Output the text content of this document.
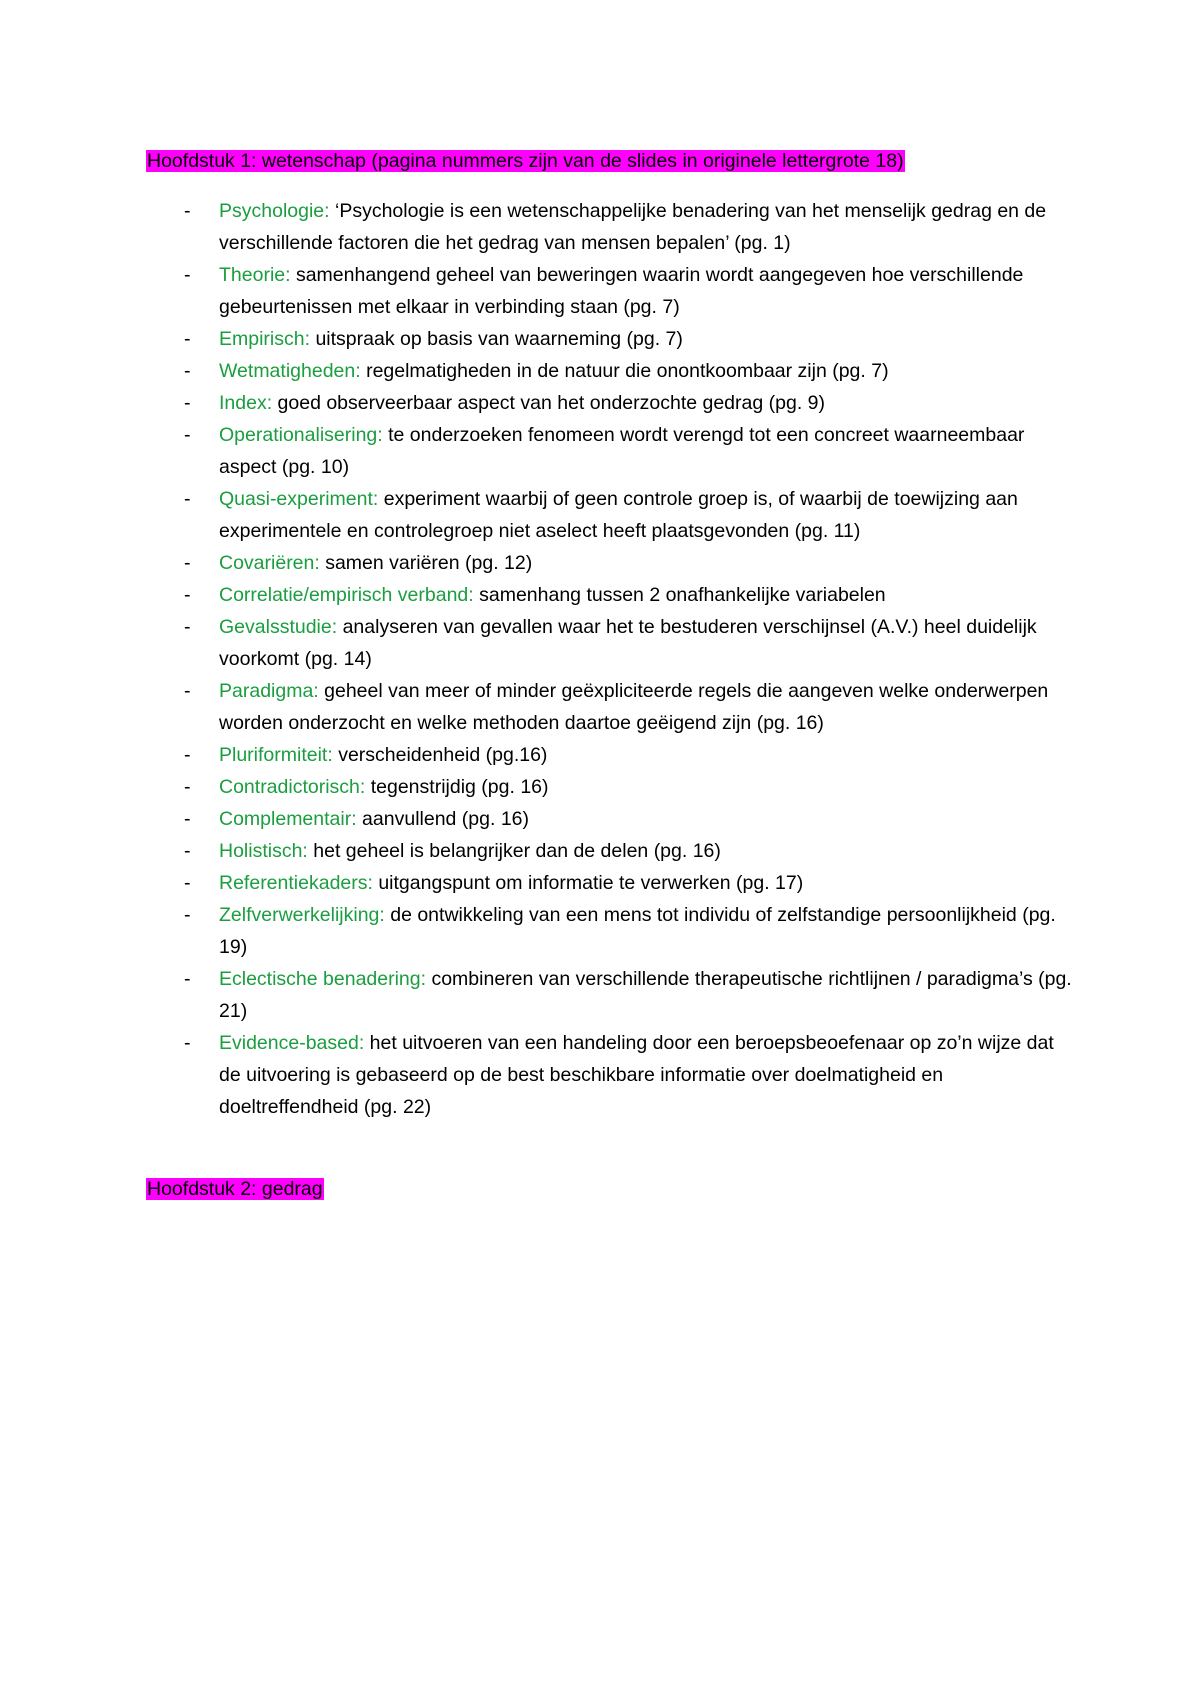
Hoofdstuk 1: wetenschap (pagina nummers zijn van de slides in originele lettergrote 18)
-	Psychologie: ‘Psychologie is een wetenschappelijke benadering van het menselijk gedrag en de verschillende factoren die het gedrag van mensen bepalen’ (pg. 1)
-	Theorie: samenhangend geheel van beweringen waarin wordt aangegeven hoe verschillende gebeurtenissen met elkaar in verbinding staan (pg. 7)
-	Empirisch: uitspraak op basis van waarneming (pg. 7)
-	Wetmatigheden: regelmatigheden in de natuur die onontkoombaar zijn (pg. 7)
-	Index: goed observeerbaar aspect van het onderzochte gedrag (pg. 9)
-	Operationalisering: te onderzoeken fenomeen wordt verengd tot een concreet waarneembaar aspect (pg. 10)
-	Quasi-experiment: experiment waarbij of geen controle groep is, of waarbij de toewijzing aan experimentele en controlegroep niet aselect heeft plaatsgevonden (pg. 11)
-	Covariëren: samen variëren (pg. 12)
-	Correlatie/empirisch verband: samenhang tussen 2 onafhankelijke variabelen
-	Gevalsstudie: analyseren van gevallen waar het te bestuderen verschijnsel (A.V.) heel duidelijk voorkomt (pg. 14)
-	Paradigma: geheel van meer of minder geëxpliciteerde regels die aangeven welke onderwerpen worden onderzocht en welke methoden daartoe geëigend zijn (pg. 16)
-	Pluriformiteit: verscheidenheid (pg.16)
-	Contradictorisch: tegenstrijdig (pg. 16)
-	Complementair: aanvullend (pg. 16)
-	Holistisch: het geheel is belangrijker dan de delen (pg. 16)
-	Referentiekaders: uitgangspunt om informatie te verwerken (pg. 17)
-	Zelfverwerkelijking: de ontwikkeling van een mens tot individu of zelfstandige persoonlijkheid (pg. 19)
-	Eclectische benadering: combineren van verschillende therapeutische richtlijnen / paradigma’s (pg. 21)
-	Evidence-based: het uitvoeren van een handeling door een beroepsbeoefenaar op zo’n wijze dat de uitvoering is gebaseerd op de best beschikbare informatie over doelmatigheid en doeltreffendheid (pg. 22)
Hoofdstuk 2: gedrag
